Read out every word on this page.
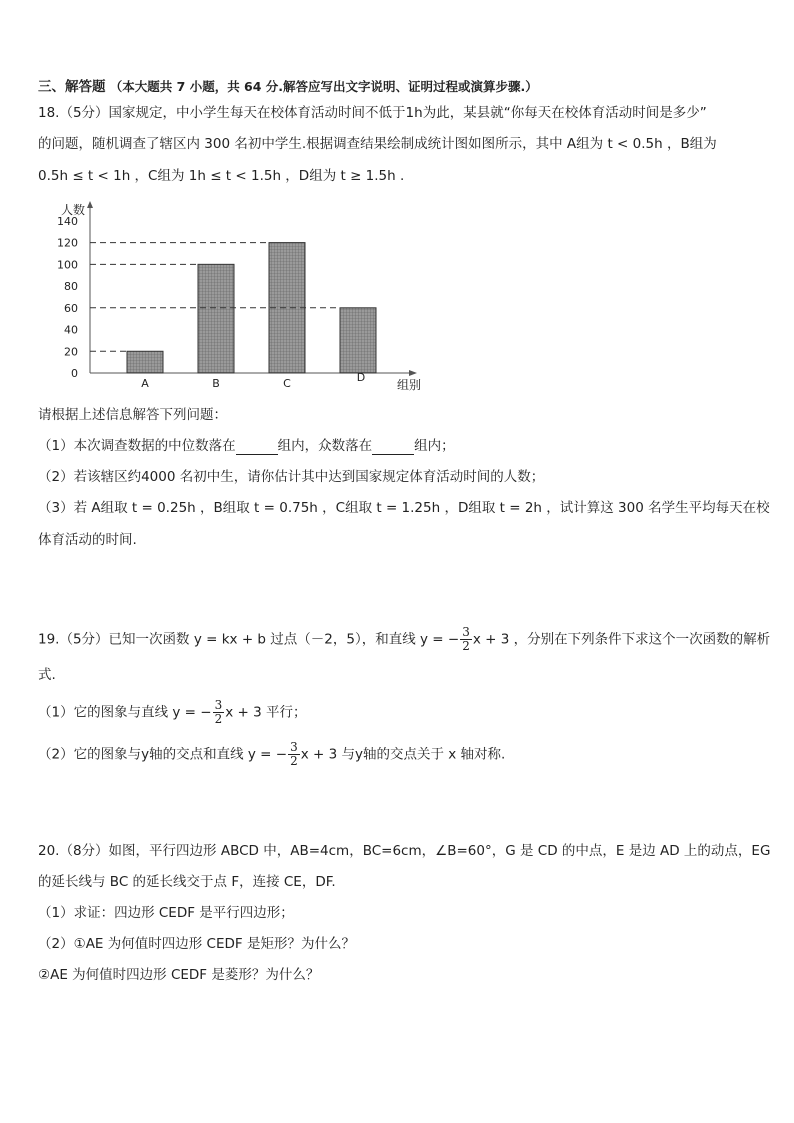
三、解答题 （本大题共 7 小题，共 64 分.解答应写出文字说明、证明过程或演算步骤.）
18.（5分）国家规定，中小学生每天在校体育活动时间不低于1h为此，某县就“你每天在校体育活动时间是多少”
的问题，随机调查了辖区内 300 名初中学生.根据调查结果绘制成统计图如图所示，其中 A组为 t < 0.5h ，B组为
0.5h ≤ t < 1h ，C组为 1h ≤ t < 1.5h ，D组为 t ≥ 1.5h .
人数
组别
0
20
40
60
80
100
120
140
A	B	C	D
请根据上述信息解答下列问题：
（1）本次调查数据的中位数落在	组内，众数落在	组内；
（2）若该辖区约4000 名初中生，请你估计其中达到国家规定体育活动时间的人数；
（3）若 A组取 t = 0.25h ，B组取 t = 0.75h ，C组取 t = 1.25h ，D组取 t = 2h ，试计算这 300 名学生平均每天在校
体育活动的时间.
19.（5分）已知一次函数 y = kx + b 过点（－2，5），和直线 y = − $\frac{3}{2}$ x + 3 ，分别在下列条件下求这个一次函数的解析
式.
（1）它的图象与直线 y = − $\frac{3}{2}$ x + 3 平行；
（2）它的图象与y轴的交点和直线 y = − $\frac{3}{2}$ x + 3 与y轴的交点关于 x 轴对称.
20.（8分）如图，平行四边形 ABCD 中，AB=4cm，BC=6cm，∠B=60°，G 是 CD 的中点，E 是边 AD 上的动点，EG
的延长线与 BC 的延长线交于点 F，连接 CE，DF.
（1）求证：四边形 CEDF 是平行四边形；
（2）①AE 为何值时四边形 CEDF 是矩形？为什么？
②AE 为何值时四边形 CEDF 是菱形？为什么？
